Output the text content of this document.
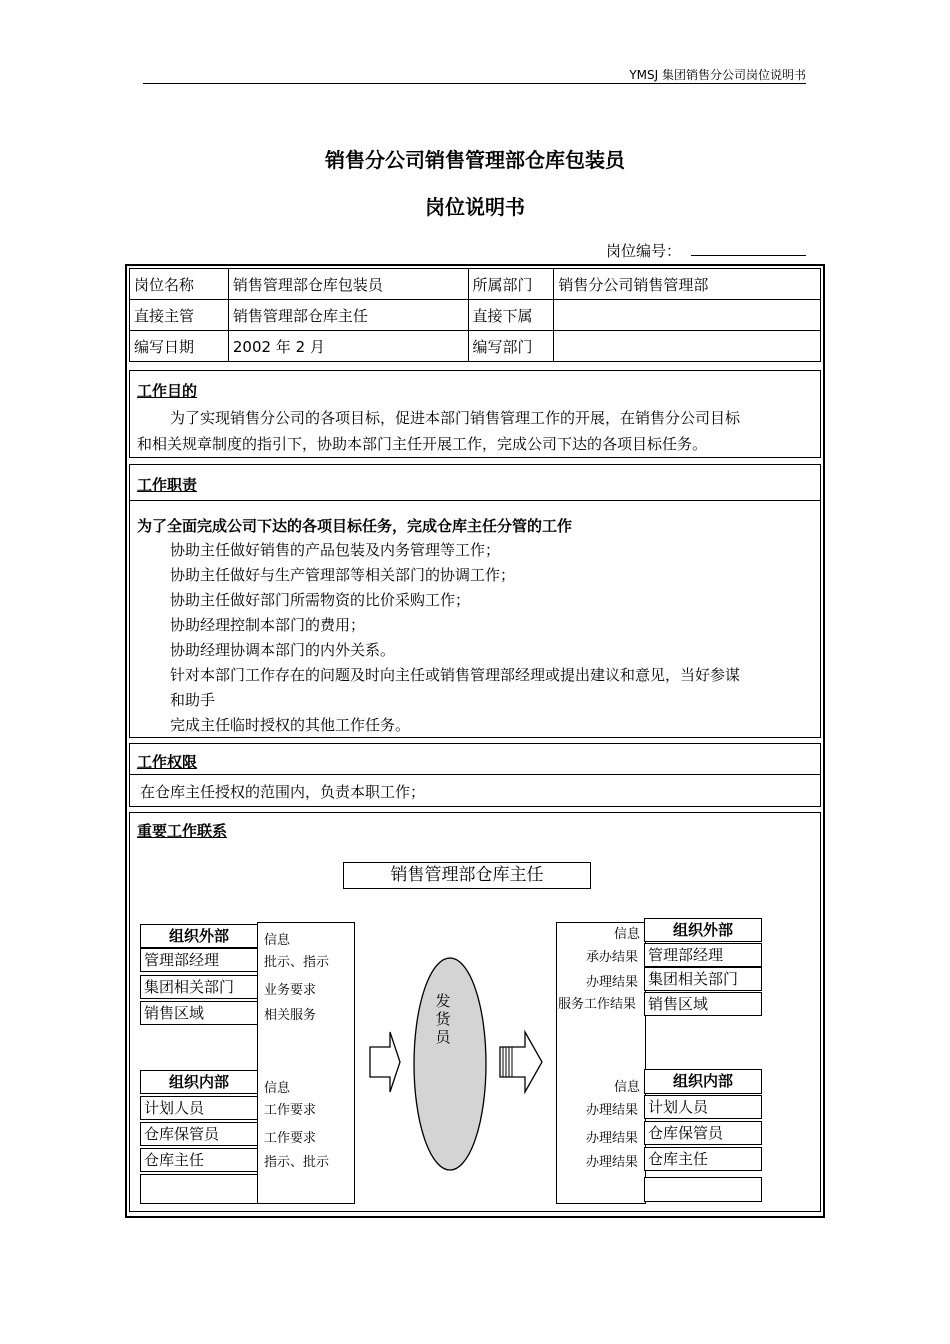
YMSJ 集团销售分公司岗位说明书
销售分公司销售管理部仓库包装员
岗位说明书
岗位编号：
岗位名称	销售管理部仓库包装员	所属部门	销售分公司销售管理部
直接主管	销售管理部仓库主任	直接下属	
编写日期	2002 年 2 月	编写部门	
工作目的
为了实现销售分公司的各项目标，促进本部门销售管理工作的开展，在销售分公司目标
和相关规章制度的指引下，协助本部门主任开展工作，完成公司下达的各项目标任务。
工作职责
为了全面完成公司下达的各项目标任务，完成仓库主任分管的工作
协助主任做好销售的产品包装及内务管理等工作；
协助主任做好与生产管理部等相关部门的协调工作；
协助主任做好部门所需物资的比价采购工作；
协助经理控制本部门的费用；
协助经理协调本部门的内外关系。
针对本部门工作存在的问题及时向主任或销售管理部经理或提出建议和意见，当好参谋
和助手
完成主任临时授权的其他工作任务。
工作权限
在仓库主任授权的范围内，负责本职工作；
重要工作联系
销售管理部仓库主任
组织外部
管理部经理
集团相关部门
销售区域
信息
批示、指示
业务要求
相关服务
组织内部
计划人员
仓库保管员
仓库主任
信息
工作要求
工作要求
指示、批示
发货员
组织外部
管理部经理
集团相关部门
销售区域
信息
承办结果
办理结果
服务工作结果
组织内部
计划人员
仓库保管员
仓库主任
信息
办理结果
办理结果
办理结果
